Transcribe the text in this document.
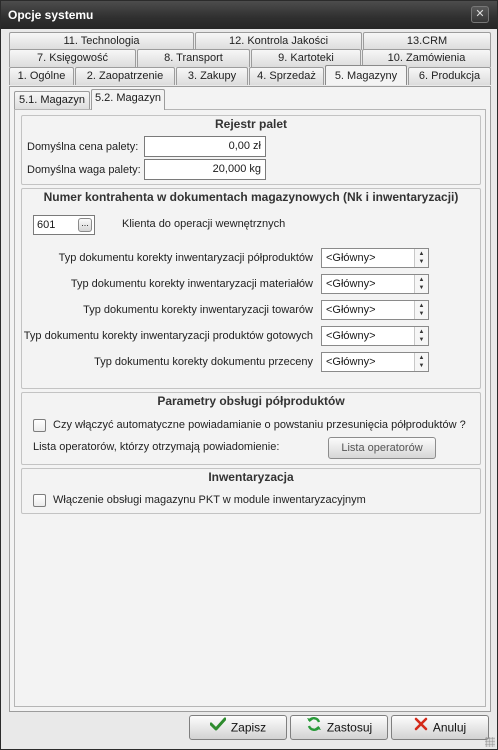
Opcje systemu	✕
11. Technologia	12. Kontrola Jakości	13.CRM
7. Księgowość	8. Transport	9. Kartoteki	10. Zamówienia
1. Ogólne	2. Zaopatrzenie	3. Zakupy	4. Sprzedaż	5. Magazyny	6. Produkcja
5.1. Magazyn 5.2. Magazyn
Rejestr palet
Domyślna cena palety:	0,00 zł
Domyślna waga palety:	20,000 kg
Numer kontrahenta w dokumentach magazynowych (Nk i inwentaryzacji)
601	...	Klienta do operacji wewnętrznych
Typ dokumentu korekty inwentaryzacji półproduktów	<Główny>	▲
▼
Typ dokumentu korekty inwentaryzacji materiałów	<Główny>	▲
▼
Typ dokumentu korekty inwentaryzacji towarów	<Główny>	▲
▼
Typ dokumentu korekty inwentaryzacji produktów gotowych	<Główny>	▲
▼
Typ dokumentu korekty dokumentu przeceny	<Główny>	▲
▼
Parametry obsługi półproduktów
Czy włączyć automatyczne powiadamianie o powstaniu przesunięcia półproduktów ?
Lista operatorów, którzy otrzymają powiadomienie:	Lista operatorów
Inwentaryzacja
Włączenie obsługi magazynu PKT w module inwentaryzacyjnym
Zapisz	Zastosuj	Anuluj
